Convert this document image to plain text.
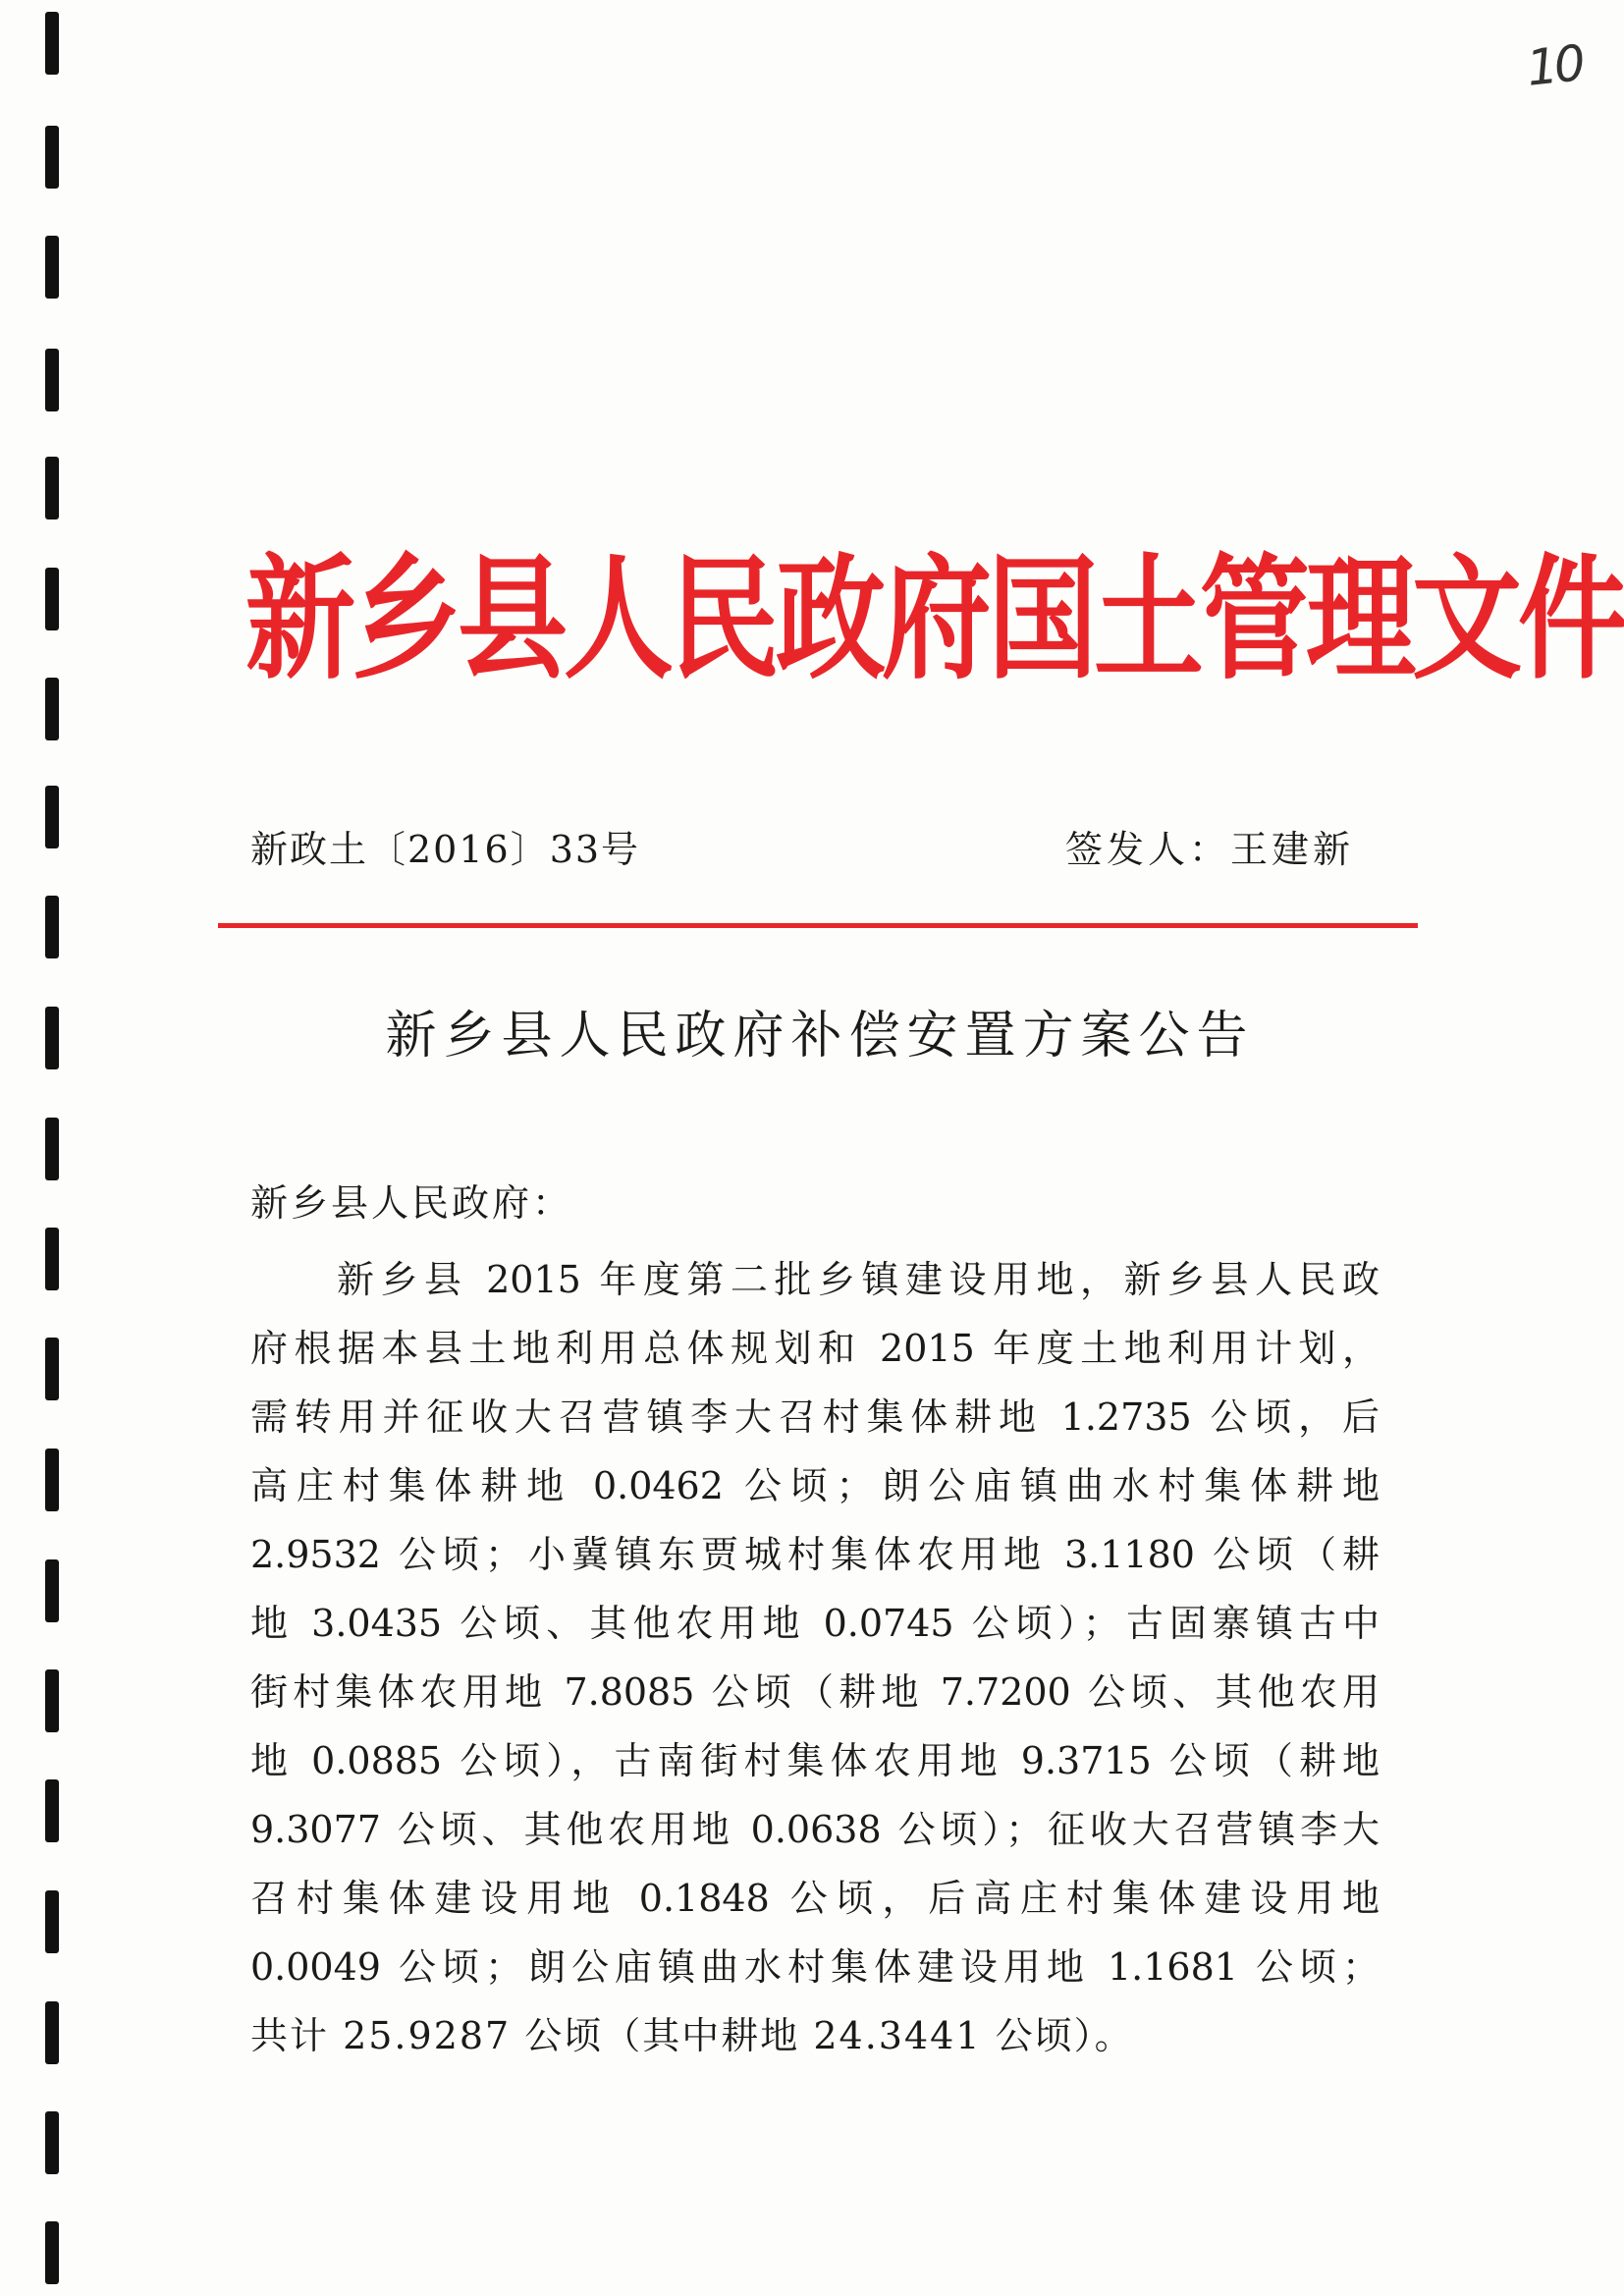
10
新乡县人民政府国土管理文件
新政土〔2016〕33号	签发人：王建新
新乡县人民政府补偿安置方案公告
新乡县人民政府：
新乡县 2015 年度第二批乡镇建设用地，新乡县人民政
府根据本县土地利用总体规划和 2015 年度土地利用计划，
需转用并征收大召营镇李大召村集体耕地 1.2735 公顷，后
高庄村集体耕地 0.0462 公顷；朗公庙镇曲水村集体耕地
2.9532 公顷；小冀镇东贾城村集体农用地 3.1180 公顷（耕
地 3.0435 公顷、其他农用地 0.0745 公顷）；古固寨镇古中
街村集体农用地 7.8085 公顷（耕地 7.7200 公顷、其他农用
地 0.0885 公顷），古南街村集体农用地 9.3715 公顷（耕地
9.3077 公顷、其他农用地 0.0638 公顷）；征收大召营镇李大
召村集体建设用地 0.1848 公顷，后高庄村集体建设用地
0.0049 公顷；朗公庙镇曲水村集体建设用地 1.1681 公顷；
共计 25.9287 公顷（其中耕地 24.3441 公顷）。
